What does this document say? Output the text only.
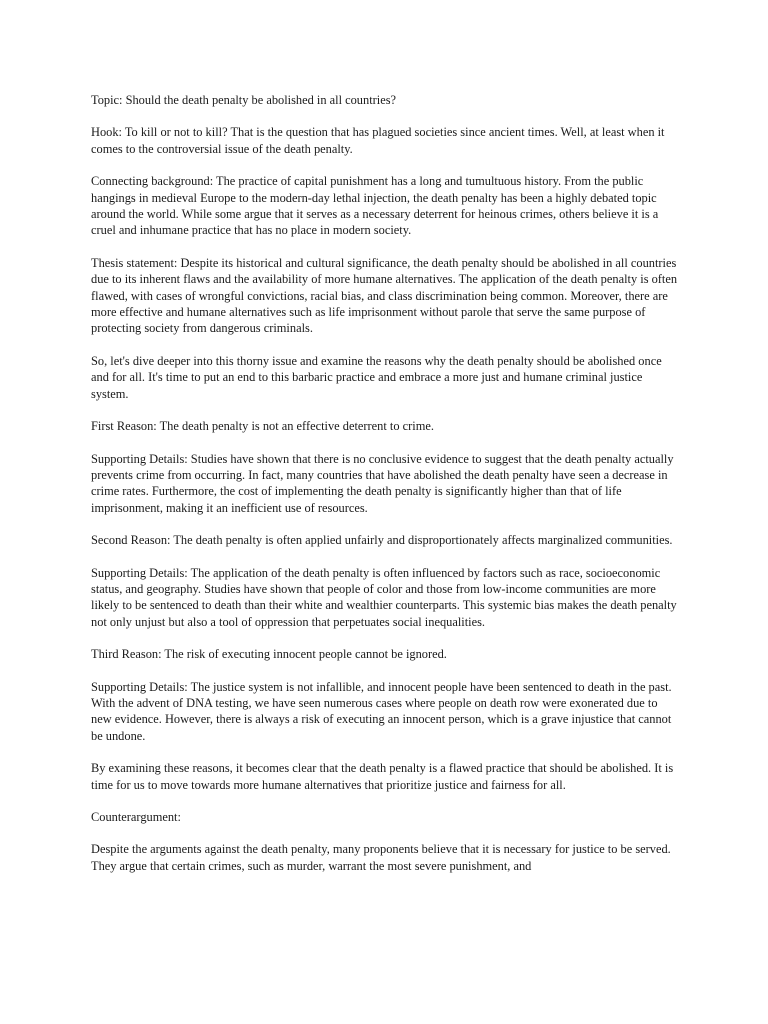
Topic: Should the death penalty be abolished in all countries?

Hook: To kill or not to kill? That is the question that has plagued societies since ancient times. Well, at least when it comes to the controversial issue of the death penalty.

Connecting background: The practice of capital punishment has a long and tumultuous history. From the public hangings in medieval Europe to the modern-day lethal injection, the death penalty has been a highly debated topic around the world. While some argue that it serves as a necessary deterrent for heinous crimes, others believe it is a cruel and inhumane practice that has no place in modern society.

Thesis statement: Despite its historical and cultural significance, the death penalty should be abolished in all countries due to its inherent flaws and the availability of more humane alternatives. The application of the death penalty is often flawed, with cases of wrongful convictions, racial bias, and class discrimination being common. Moreover, there are more effective and humane alternatives such as life imprisonment without parole that serve the same purpose of protecting society from dangerous criminals.

So, let's dive deeper into this thorny issue and examine the reasons why the death penalty should be abolished once and for all. It's time to put an end to this barbaric practice and embrace a more just and humane criminal justice system.

First Reason: The death penalty is not an effective deterrent to crime.

Supporting Details: Studies have shown that there is no conclusive evidence to suggest that the death penalty actually prevents crime from occurring. In fact, many countries that have abolished the death penalty have seen a decrease in crime rates. Furthermore, the cost of implementing the death penalty is significantly higher than that of life imprisonment, making it an inefficient use of resources.

Second Reason: The death penalty is often applied unfairly and disproportionately affects marginalized communities.

Supporting Details: The application of the death penalty is often influenced by factors such as race, socioeconomic status, and geography. Studies have shown that people of color and those from low-income communities are more likely to be sentenced to death than their white and wealthier counterparts. This systemic bias makes the death penalty not only unjust but also a tool of oppression that perpetuates social inequalities.

Third Reason: The risk of executing innocent people cannot be ignored.

Supporting Details: The justice system is not infallible, and innocent people have been sentenced to death in the past. With the advent of DNA testing, we have seen numerous cases where people on death row were exonerated due to new evidence. However, there is always a risk of executing an innocent person, which is a grave injustice that cannot be undone.

By examining these reasons, it becomes clear that the death penalty is a flawed practice that should be abolished. It is time for us to move towards more humane alternatives that prioritize justice and fairness for all.

Counterargument:

Despite the arguments against the death penalty, many proponents believe that it is necessary for justice to be served. They argue that certain crimes, such as murder, warrant the most severe punishment, and
